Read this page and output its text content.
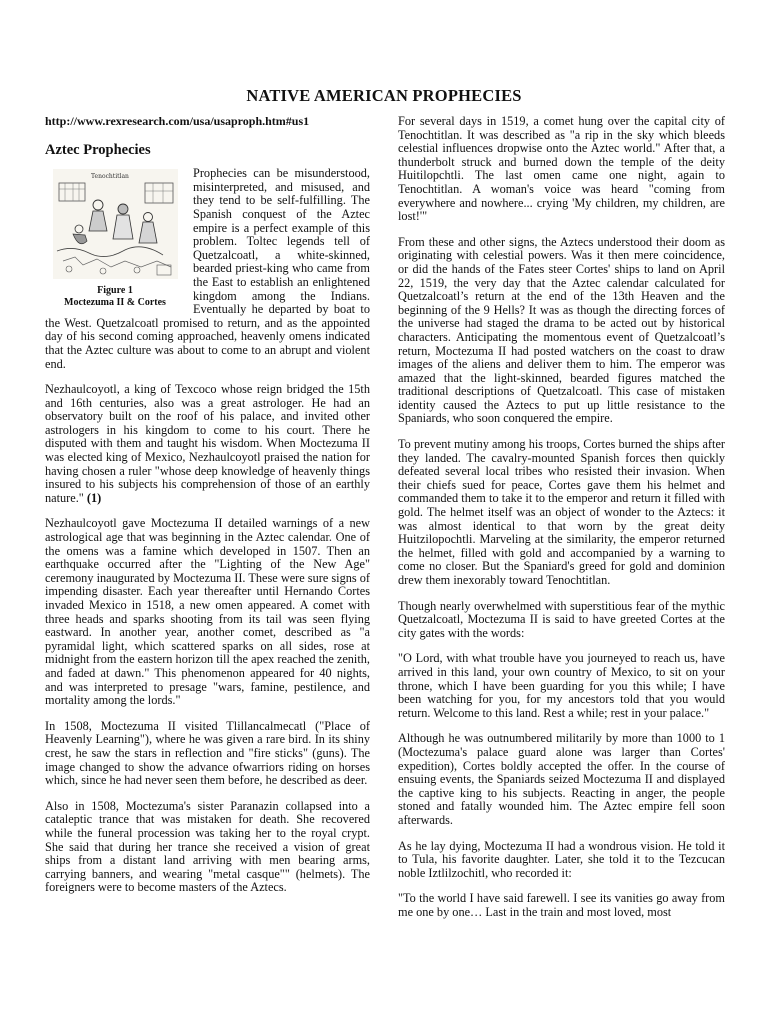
NATIVE AMERICAN PROPHECIES

http://www.rexresearch.com/usa/usaproph.htm#us1

Aztec Prophecies

Tenochtitlan
Figure 1
Moctezuma II & Cortes

Prophecies can be misunderstood, misinterpreted, and misused, and they tend to be self-fulfilling. The Spanish conquest of the Aztec empire is a perfect example of this problem. Toltec legends tell of Quetzalcoatl, a white-skinned, bearded priest-king who came from the East to establish an enlightened kingdom among the Indians. Eventually he departed by boat to the West. Quetzalcoatl promised to return, and as the appointed day of his second coming approached, heavenly omens indicated that the Aztec culture was about to come to an abrupt and violent end.

Nezhaulcoyotl, a king of Texcoco whose reign bridged the 15th and 16th centuries, also was a great astrologer. He had an observatory built on the roof of his palace, and invited other astrologers in his kingdom to come to his court. There he disputed with them and taught his wisdom. When Moctezuma II was elected king of Mexico, Nezhaulcoyotl praised the nation for having chosen a ruler "whose deep knowledge of heavenly things insured to his subjects his comprehension of those of an earthly nature." (1)

Nezhaulcoyotl gave Moctezuma II detailed warnings of a new astrological age that was beginning in the Aztec calendar. One of the omens was a famine which developed in 1507. Then an earthquake occurred after the "Lighting of the New Age" ceremony inaugurated by Moctezuma II. These were sure signs of impending disaster. Each year thereafter until Hernando Cortes invaded Mexico in 1518, a new omen appeared. A comet with three heads and sparks shooting from its tail was seen flying eastward. In another year, another comet, described as "a pyramidal light, which scattered sparks on all sides, rose at midnight from the eastern horizon till the apex reached the zenith, and faded at dawn." This phenomenon appeared for 40 nights, and was interpreted to presage "wars, famine, pestilence, and mortality among the lords."

In 1508, Moctezuma II visited Tlillancalmecatl ("Place of Heavenly Learning"), where he was given a rare bird. In its shiny crest, he saw the stars in reflection and "fire sticks" (guns). The image changed to show the advance ofwarriors riding on horses which, since he had never seen them before, he described as deer.

Also in 1508, Moctezuma's sister Paranazin collapsed into a cataleptic trance that was mistaken for death. She recovered while the funeral procession was taking her to the royal crypt. She said that during her trance she received a vision of great ships from a distant land arriving with men bearing arms, carrying banners, and wearing "metal casque"" (helmets). The foreigners were to become masters of the Aztecs.

For several days in 1519, a comet hung over the capital city of Tenochtitlan. It was described as "a rip in the sky which bleeds celestial influences dropwise onto the Aztec world." After that, a thunderbolt struck and burned down the temple of the deity Huitilopchtli. The last omen came one night, again to Tenochtitlan. A woman's voice was heard "coming from everywhere and nowhere... crying 'My children, my children, are lost!'"

From these and other signs, the Aztecs understood their doom as originating with celestial powers. Was it then mere coincidence, or did the hands of the Fates steer Cortes' ships to land on April 22, 1519, the very day that the Aztec calendar calculated for Quetzalcoatl’s return at the end of the 13th Heaven and the beginning of the 9 Hells? It was as though the directing forces of the universe had staged the drama to be acted out by historical characters. Anticipating the momentous event of Quetzalcoatl’s return, Moctezuma II had posted watchers on the coast to draw images of the aliens and deliver them to him. The emperor was amazed that the light-skinned, bearded figures matched the traditional descriptions of Quetzalcoatl. This case of mistaken identity caused the Aztecs to put up little resistance to the Spaniards, who soon conquered the empire.

To prevent mutiny among his troops, Cortes burned the ships after they landed. The cavalry-mounted Spanish forces then quickly defeated several local tribes who resisted their invasion. When their chiefs sued for peace, Cortes gave them his helmet and commanded them to take it to the emperor and return it filled with gold. The helmet itself was an object of wonder to the Aztecs: it was almost identical to that worn by the great deity Huitzilopochtli. Marveling at the similarity, the emperor returned the helmet, filled with gold and accompanied by a warning to come no closer. But the Spaniard's greed for gold and dominion drew them inexorably toward Tenochtitlan.

Though nearly overwhelmed with superstitious fear of the mythic Quetzalcoatl, Moctezuma II is said to have greeted Cortes at the city gates with the words:

"O Lord, with what trouble have you journeyed to reach us, have arrived in this land, your own country of Mexico, to sit on your throne, which I have been guarding for you this while; I have been watching for you, for my ancestors told that you would return. Welcome to this land. Rest a while; rest in your palace."

Although he was outnumbered militarily by more than 1000 to 1 (Moctezuma's palace guard alone was larger than Cortes' expedition), Cortes boldly accepted the offer. In the course of ensuing events, the Spaniards seized Moctezuma II and displayed the captive king to his subjects. Reacting in anger, the people stoned and fatally wounded him. The Aztec empire fell soon afterwards.

As he lay dying, Moctezuma II had a wondrous vision. He told it to Tula, his favorite daughter. Later, she told it to the Tezcucan noble Iztlilzochitl, who recorded it:

"To the world I have said farewell. I see its vanities go away from me one by one… Last in the train and most loved, most
